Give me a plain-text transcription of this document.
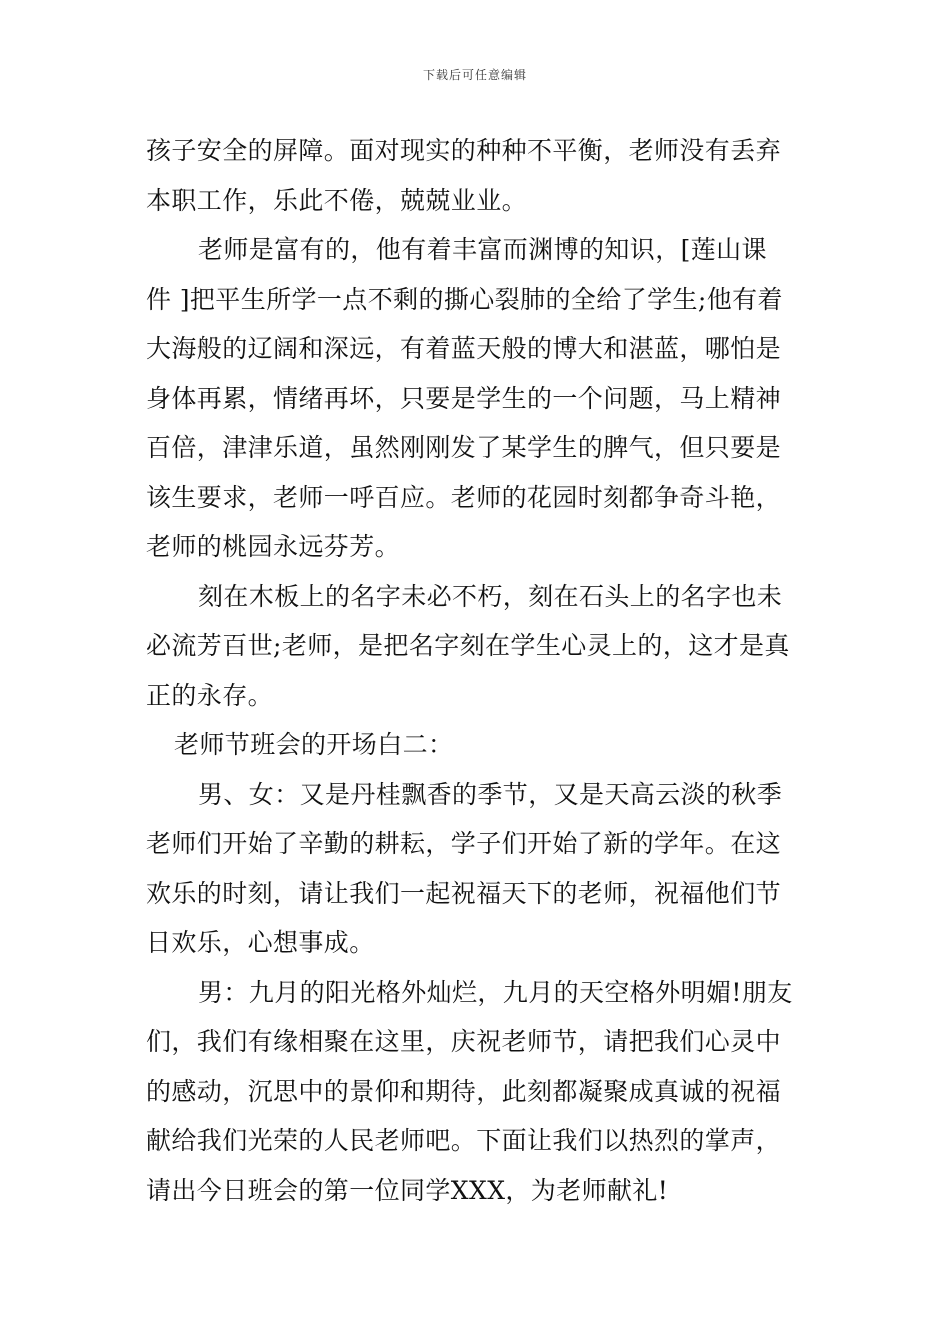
下载后可任意编辑
孩子安全的屏障。面对现实的种种不平衡，老师没有丢弃
本职工作，乐此不倦，兢兢业业。
老师是富有的，他有着丰富而渊博的知识，[莲山课
件 ]把平生所学一点不剩的撕心裂肺的全给了学生;他有着
大海般的辽阔和深远，有着蓝天般的博大和湛蓝，哪怕是
身体再累，情绪再坏，只要是学生的一个问题，马上精神
百倍，津津乐道，虽然刚刚发了某学生的脾气，但只要是
该生要求，老师一呼百应。老师的花园时刻都争奇斗艳，
老师的桃园永远芬芳。
刻在木板上的名字未必不朽，刻在石头上的名字也未
必流芳百世;老师，是把名字刻在学生心灵上的，这才是真
正的永存。
老师节班会的开场白二：
男、女：又是丹桂飘香的季节，又是天高云淡的秋季
老师们开始了辛勤的耕耘，学子们开始了新的学年。在这
欢乐的时刻，请让我们一起祝福天下的老师，祝福他们节
日欢乐，心想事成。
男：九月的阳光格外灿烂，九月的天空格外明媚!朋友
们，我们有缘相聚在这里，庆祝老师节，请把我们心灵中
的感动，沉思中的景仰和期待，此刻都凝聚成真诚的祝福
献给我们光荣的人民老师吧。下面让我们以热烈的掌声，
请出今日班会的第一位同学XXX，为老师献礼!
